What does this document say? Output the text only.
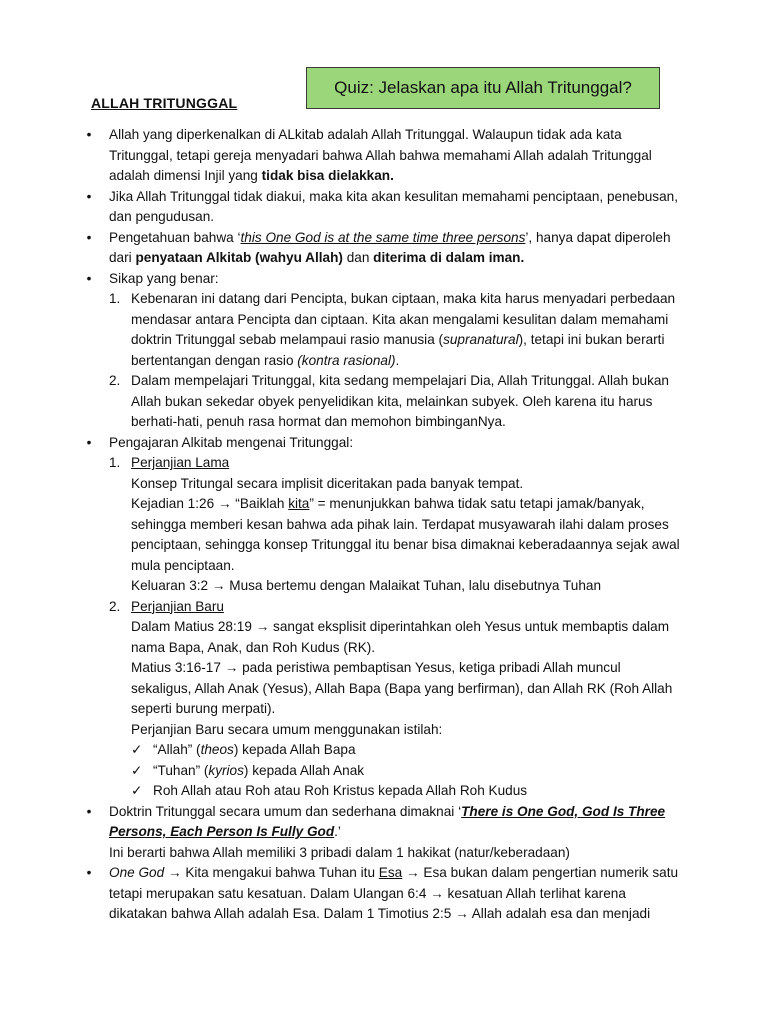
Quiz: Jelaskan apa itu Allah Tritunggal?
ALLAH TRITUNGGAL
•	Allah yang diperkenalkan di ALkitab adalah Allah Tritunggal. Walaupun tidak ada kata Tritunggal, tetapi gereja menyadari bahwa Allah bahwa memahami Allah adalah Tritunggal adalah dimensi Injil yang tidak bisa dielakkan.
•	Jika Allah Tritunggal tidak diakui, maka kita akan kesulitan memahami penciptaan, penebusan, dan pengudusan.
•	Pengetahuan bahwa ‘this One God is at the same time three persons’, hanya dapat diperoleh dari penyataan Alkitab (wahyu Allah) dan diterima di dalam iman.
•	Sikap yang benar:
1. Kebenaran ini datang dari Pencipta, bukan ciptaan, maka kita harus menyadari perbedaan mendasar antara Pencipta dan ciptaan. Kita akan mengalami kesulitan dalam memahami doktrin Tritunggal sebab melampaui rasio manusia (supranatural), tetapi ini bukan berarti bertentangan dengan rasio (kontra rasional).
2. Dalam mempelajari Tritunggal, kita sedang mempelajari Dia, Allah Tritunggal. Allah bukan Allah bukan sekedar obyek penyelidikan kita, melainkan subyek. Oleh karena itu harus berhati-hati, penuh rasa hormat dan memohon bimbinganNya.
•	Pengajaran Alkitab mengenai Tritunggal:
1. Perjanjian Lama
Konsep Tritungal secara implisit diceritakan pada banyak tempat.
Kejadian 1:26 → “Baiklah kita” = menunjukkan bahwa tidak satu tetapi jamak/banyak, sehingga memberi kesan bahwa ada pihak lain. Terdapat musyawarah ilahi dalam proses penciptaan, sehingga konsep Tritunggal itu benar bisa dimaknai keberadaannya sejak awal mula penciptaan.
Keluaran 3:2 → Musa bertemu dengan Malaikat Tuhan, lalu disebutnya Tuhan
2. Perjanjian Baru
Dalam Matius 28:19 → sangat eksplisit diperintahkan oleh Yesus untuk membaptis dalam nama Bapa, Anak, dan Roh Kudus (RK).
Matius 3:16-17 → pada peristiwa pembaptisan Yesus, ketiga pribadi Allah muncul sekaligus, Allah Anak (Yesus), Allah Bapa (Bapa yang berfirman), dan Allah RK (Roh Allah seperti burung merpati).
Perjanjian Baru secara umum menggunakan istilah:
✓ “Allah” (theos) kepada Allah Bapa
✓ “Tuhan” (kyrios) kepada Allah Anak
✓ Roh Allah atau Roh atau Roh Kristus kepada Allah Roh Kudus
•	Doktrin Tritunggal secara umum dan sederhana dimaknai ‘There is One God, God Is Three Persons, Each Person Is Fully God.’
Ini berarti bahwa Allah memiliki 3 pribadi dalam 1 hakikat (natur/keberadaan)
•	One God → Kita mengakui bahwa Tuhan itu Esa → Esa bukan dalam pengertian numerik satu tetapi merupakan satu kesatuan. Dalam Ulangan 6:4 → kesatuan Allah terlihat karena dikatakan bahwa Allah adalah Esa. Dalam 1 Timotius 2:5 → Allah adalah esa dan menjadi
